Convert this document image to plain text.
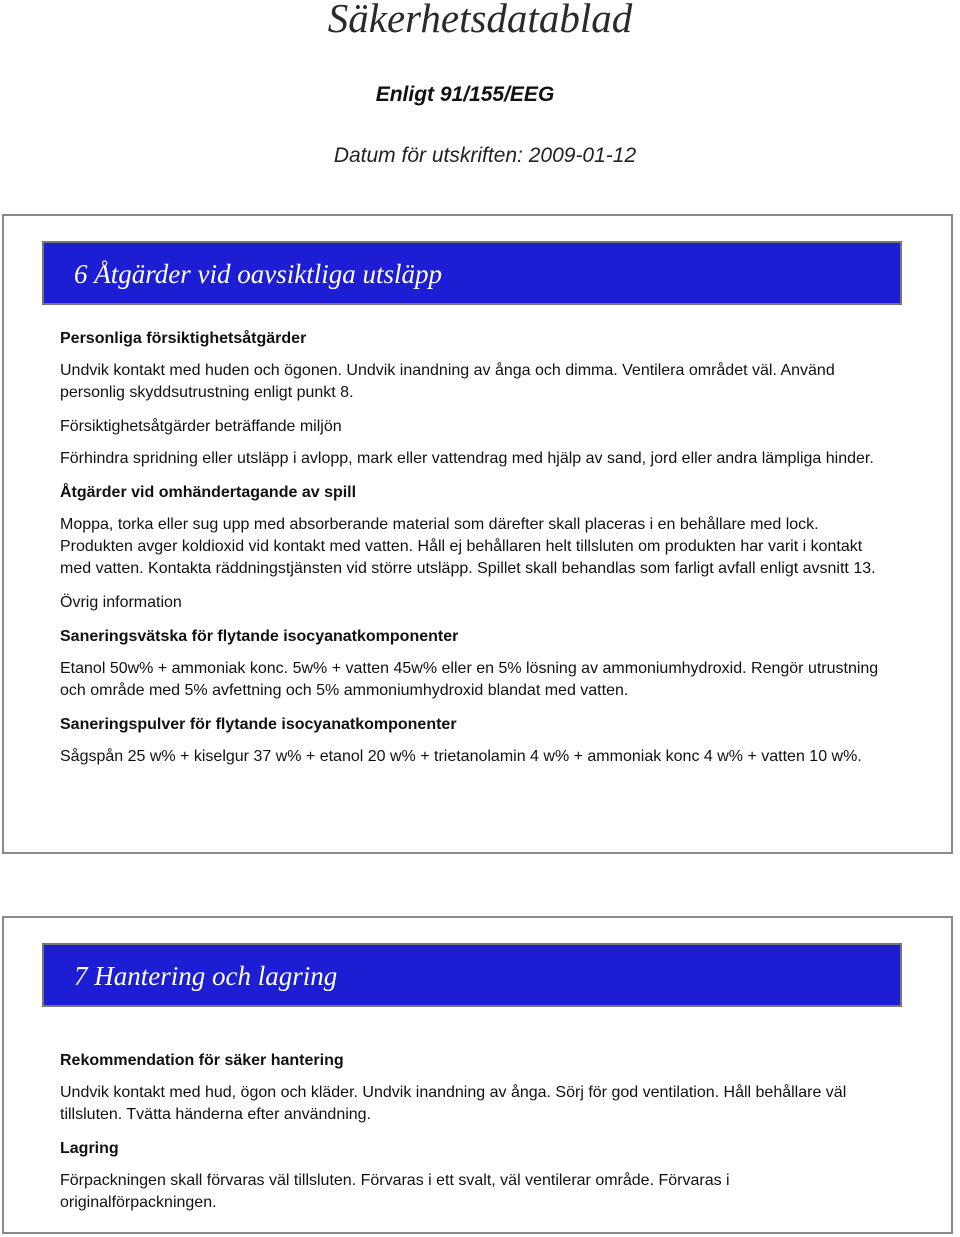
Säkerhetsdatablad
Enligt 91/155/EEG
Datum för utskriften: 2009-01-12
6 Åtgärder vid oavsiktliga utsläpp
Personliga försiktighetsåtgärder

Undvik kontakt med huden och ögonen. Undvik inandning av ånga och dimma. Ventilera området väl. Använd personlig skyddsutrustning enligt punkt 8.

Försiktighetsåtgärder beträffande miljön

Förhindra spridning eller utsläpp i avlopp, mark eller vattendrag med hjälp av sand, jord eller andra lämpliga hinder.

Åtgärder vid omhändertagande av spill

Moppa, torka eller sug upp med absorberande material som därefter skall placeras i en behållare med lock. Produkten avger koldioxid vid kontakt med vatten. Håll ej behållaren helt tillsluten om produkten har varit i kontakt med vatten. Kontakta räddningstjänsten vid större utsläpp. Spillet skall behandlas som farligt avfall enligt avsnitt 13.

Övrig information
Saneringsvätska för flytande isocyanatkomponenter

Etanol 50w% + ammoniak konc. 5w% + vatten 45w% eller en 5% lösning av ammoniumhydroxid. Rengör utrustning och område med 5% avfettning och 5% ammoniumhydroxid blandat med vatten.

Saneringspulver för flytande isocyanatkomponenter

Sågspån 25 w% + kiselgur 37 w% + etanol 20 w% + trietanolamin 4 w% + ammoniak konc 4 w% + vatten 10 w%.

7 Hantering och lagring
Rekommendation för säker hantering

Undvik kontakt med hud, ögon och kläder. Undvik inandning av ånga. Sörj för god ventilation. Håll behållare väl tillsluten. Tvätta händerna efter användning.

Lagring

Förpackningen skall förvaras väl tillsluten. Förvaras i ett svalt, väl ventilerar område. Förvaras i originalförpackningen.
